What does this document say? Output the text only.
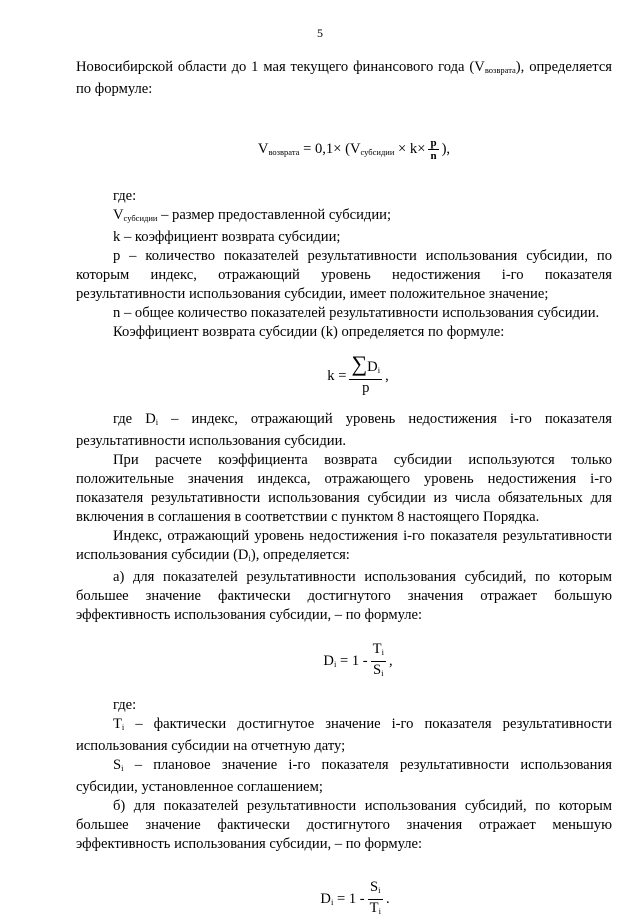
5

Новосибирской области до 1 мая текущего финансового года $(V_{возврата})$, определяется по формуле:

$V_{возврата} = 0,1\times (V_{субсидии} \times k\times \frac{p}{n}$ ),

где:

$V_{субсидии}$ – размер предоставленной субсидии;

k – коэффициент возврата субсидии;

p – количество показателей результативности использования субсидии, по которым индекс, отражающий уровень недостижения i-го показателя результативности использования субсидии, имеет положительное значение;

n – общее количество показателей результативности использования субсидии.

Коэффициент возврата субсидии (k) определяется по формуле:

$k = \frac{\sum D_i}{p}$ ,

где $D_i$ – индекс, отражающий уровень недостижения i-го показателя результативности использования субсидии.

При расчете коэффициента возврата субсидии используются только положительные значения индекса, отражающего уровень недостижения i-го показателя результативности использования субсидии из числа обязательных для включения в соглашения в соответствии с пунктом 8 настоящего Порядка.

Индекс, отражающий уровень недостижения i-го показателя результативности использования субсидии $(D_i)$, определяется:

а) для показателей результативности использования субсидий, по которым большее значение фактически достигнутого значения отражает большую эффективность использования субсидии, – по формуле:

$D_i = 1 - \frac{T_i}{S_i}$ ,

где:

$T_i$ – фактически достигнутое значение i-го показателя результативности использования субсидии на отчетную дату;

$S_i$ – плановое значение i-го показателя результативности использования субсидии, установленное соглашением;

б) для показателей результативности использования субсидий, по которым большее значение фактически достигнутого значения отражает меньшую эффективность использования субсидии, – по формуле:

$D_i = 1 - \frac{S_i}{T_i}$ .
